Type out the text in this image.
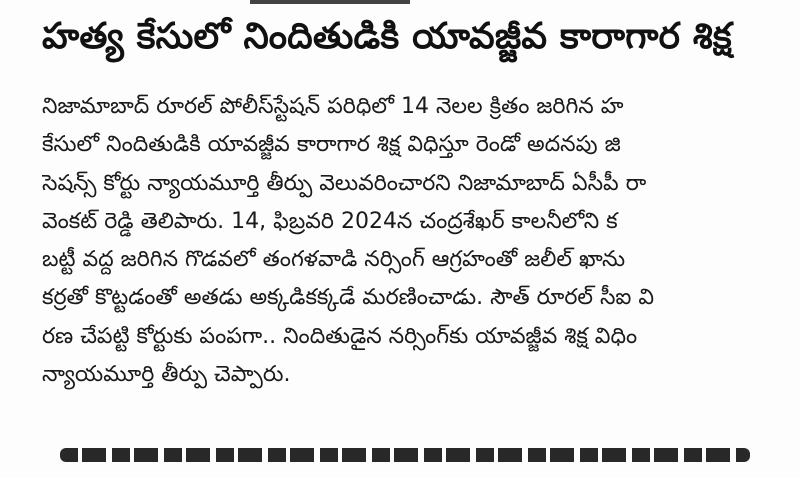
హత్య కేసులో నిందితుడికి యావజ్జీవ కారాగార శిక్ష
నిజామాబాద్ రూరల్ పోలీస్‌స్టేషన్ పరిధిలో 14 నెలల క్రితం జరిగిన హ
కేసులో నిందితుడికి యావజ్జీవ కారాగార శిక్ష విధిస్తూ రెండో అదనపు జి
సెషన్స్ కోర్టు న్యాయమూర్తి తీర్పు వెలువరించారని నిజామాబాద్ ఏసీపీ రా
వెంకట్ రెడ్డి తెలిపారు. 14, ఫిబ్రవరి 2024న చంద్రశేఖర్ కాలనీలోని క
బట్టీ వద్ద జరిగిన గొడవలో తంగళవాడి నర్సింగ్ ఆగ్రహంతో జలీల్ ఖాను
కర్రతో కొట్టడంతో అతడు అక్కడికక్కడే మరణించాడు. సౌత్ రూరల్ సీఐ వి
రణ చేపట్టి కోర్టుకు పంపగా.. నిందితుడైన నర్సింగ్‌కు యావజ్జీవ శిక్ష విధిం
న్యాయమూర్తి తీర్పు చెప్పారు.
